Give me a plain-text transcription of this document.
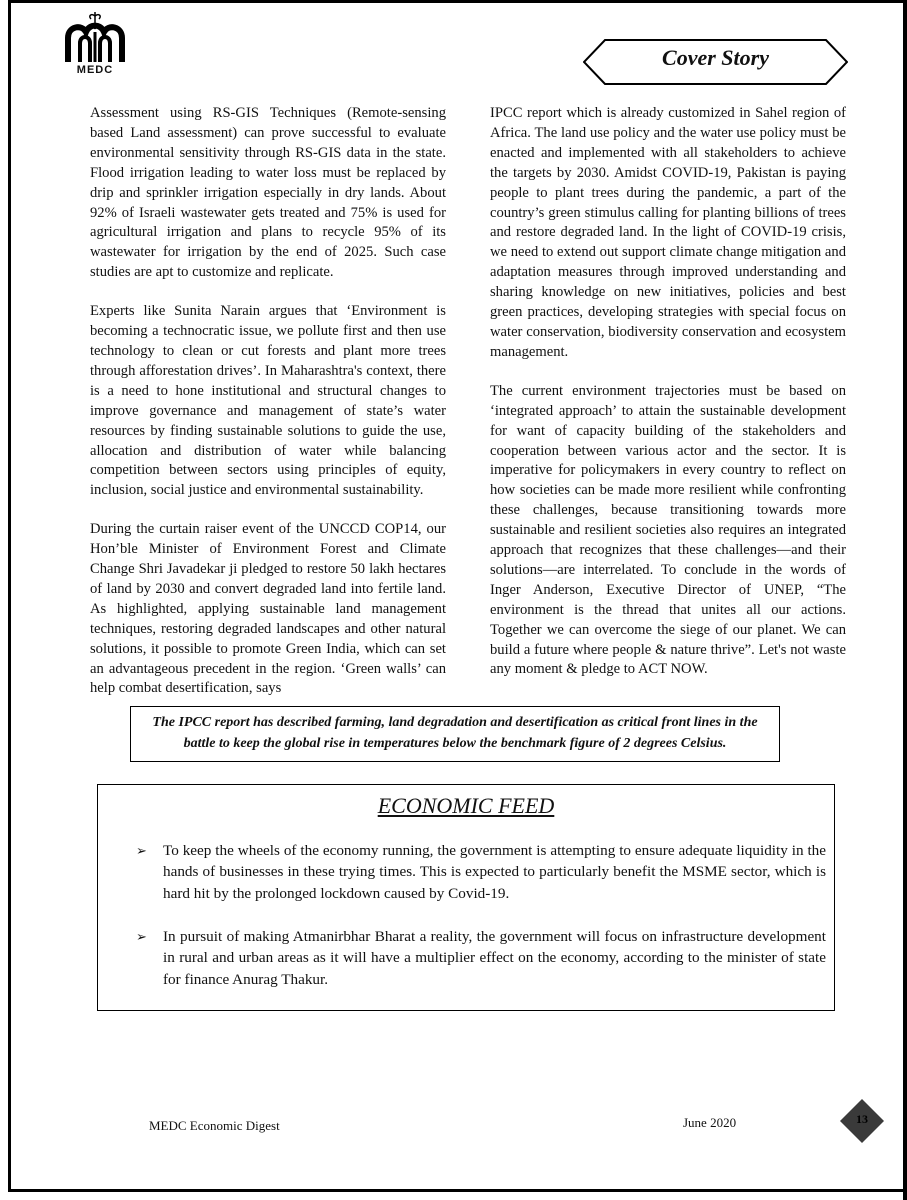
MEDC	Cover Story

Assessment using RS-GIS Techniques (Remote-sensing based Land assessment) can prove successful to evaluate environmental sensitivity through RS-GIS data in the state. Flood irrigation leading to water loss must be replaced by drip and sprinkler irrigation especially in dry lands. About 92% of Israeli wastewater gets treated and 75% is used for agricultural irrigation and plans to recycle 95% of its wastewater for irrigation by the end of 2025. Such case studies are apt to customize and replicate.

Experts like Sunita Narain argues that ‘Environment is becoming a technocratic issue, we pollute first and then use technology to clean or cut forests and plant more trees through afforestation drives’. In Maharashtra's context, there is a need to hone institutional and structural changes to improve governance and management of state’s water resources by finding sustainable solutions to guide the use, allocation and distribution of water while balancing competition between sectors using principles of equity, inclusion, social justice and environmental sustainability.

During the curtain raiser event of the UNCCD COP14, our Hon’ble Minister of Environment Forest and Climate Change Shri Javadekar ji pledged to restore 50 lakh hectares of land by 2030 and convert degraded land into fertile land. As highlighted, applying sustainable land management techniques, restoring degraded landscapes and other natural solutions, it possible to promote Green India, which can set an advantageous precedent in the region. ‘Green walls’ can help combat desertification, says

IPCC report which is already customized in Sahel region of Africa. The land use policy and the water use policy must be enacted and implemented with all stakeholders to achieve the targets by 2030. Amidst COVID-19, Pakistan is paying people to plant trees during the pandemic, a part of the country’s green stimulus calling for planting billions of trees and restore degraded land. In the light of COVID-19 crisis, we need to extend out support climate change mitigation and adaptation measures through improved understanding and sharing knowledge on new initiatives, policies and best green practices, developing strategies with special focus on water conservation, biodiversity conservation and ecosystem management.

The current environment trajectories must be based on ‘integrated approach’ to attain the sustainable development for want of capacity building of the stakeholders and cooperation between various actor and the sector. It is imperative for policymakers in every country to reflect on how societies can be made more resilient while confronting these challenges, because transitioning towards more sustainable and resilient societies also requires an integrated approach that recognizes that these challenges—and their solutions—are interrelated. To conclude in the words of Inger Anderson, Executive Director of UNEP, “The environment is the thread that unites all our actions. Together we can overcome the siege of our planet. We can build a future where people & nature thrive”. Let's not waste any moment & pledge to ACT NOW.

The IPCC report has described farming, land degradation and desertification as critical front lines in the battle to keep the global rise in temperatures below the benchmark figure of 2 degrees Celsius.
ECONOMIC FEED
➢ To keep the wheels of the economy running, the government is attempting to ensure adequate liquidity in the hands of businesses in these trying times. This is expected to particularly benefit the MSME sector, which is hard hit by the prolonged lockdown caused by Covid-19.
➢ In pursuit of making Atmanirbhar Bharat a reality, the government will focus on infrastructure development in rural and urban areas as it will have a multiplier effect on the economy, according to the minister of state for finance Anurag Thakur.
MEDC Economic Digest	June 2020	13
